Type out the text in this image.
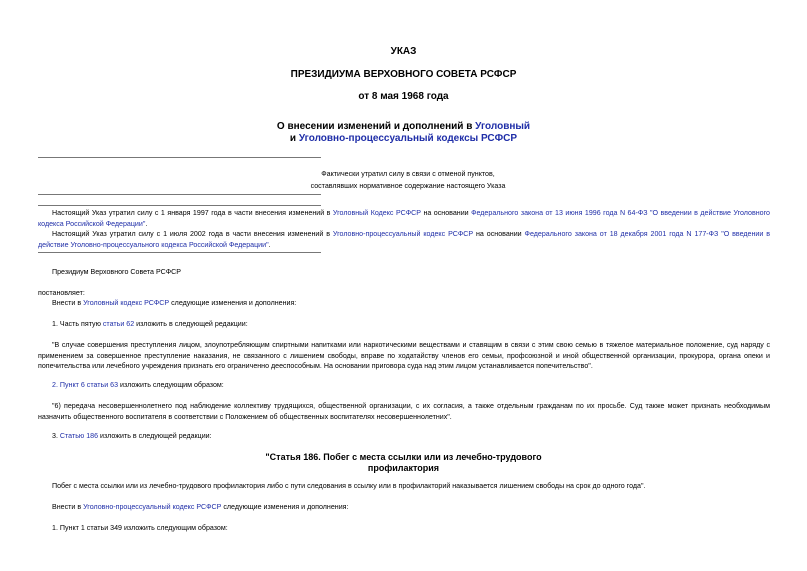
УКАЗ
ПРЕЗИДИУМА ВЕРХОВНОГО СОВЕТА РСФСР
от 8 мая 1968 года
О внесении изменений и дополнений в Уголовный
и Уголовно-процессуальный кодексы РСФСР
Фактически утратил силу в связи с отменой пунктов,
составлявших нормативное содержание настоящего Указа
Настоящий Указ утратил силу с 1 января 1997 года в части внесения изменений в Уголовный Кодекс РСФСР на основании Федерального закона от 13 июня 1996 года N 64-ФЗ "О введении в действие Уголовного кодекса Российской Федерации".
Настоящий Указ утратил силу с 1 июля 2002 года в части внесения изменений в Уголовно-процессуальный кодекс РСФСР на основании Федерального закона от 18 декабря 2001 года N 177-ФЗ "О введении в действие Уголовно-процессуального кодекса Российской Федерации".
Президиум Верховного Совета РСФСР
постановляет:
Внести в Уголовный кодекс РСФСР следующие изменения и дополнения:
1. Часть пятую статьи 62 изложить в следующей редакции:
"В случае совершения преступления лицом, злоупотребляющим спиртными напитками или наркотическими веществами и ставящим в связи с этим свою семью в тяжелое материальное положение, суд наряду с применением за совершенное преступление наказания, не связанного с лишением свободы, вправе по ходатайству членов его семьи, профсоюзной и иной общественной организации, прокурора, органа опеки и попечительства или лечебного учреждения признать его ограниченно дееспособным. На основании приговора суда над этим лицом устанавливается попечительство".
2. Пункт 6 статьи 63 изложить следующим образом:
"6) передача несовершеннолетнего под наблюдение коллективу трудящихся, общественной организации, с их согласия, а также отдельным гражданам по их просьбе. Суд также может признать необходимым назначить общественного воспитателя в соответствии с Положением об общественных воспитателях несовершеннолетних".
3. Статью 186 изложить в следующей редакции:
"Статья 186. Побег с места ссылки или из лечебно-трудового
профилактория
Побег с места ссылки или из лечебно-трудового профилактория либо с пути следования в ссылку или в профилакторий наказывается лишением свободы на срок до одного года".
Внести в Уголовно-процессуальный кодекс РСФСР следующие изменения и дополнения:
1. Пункт 1 статьи 349 изложить следующим образом:
